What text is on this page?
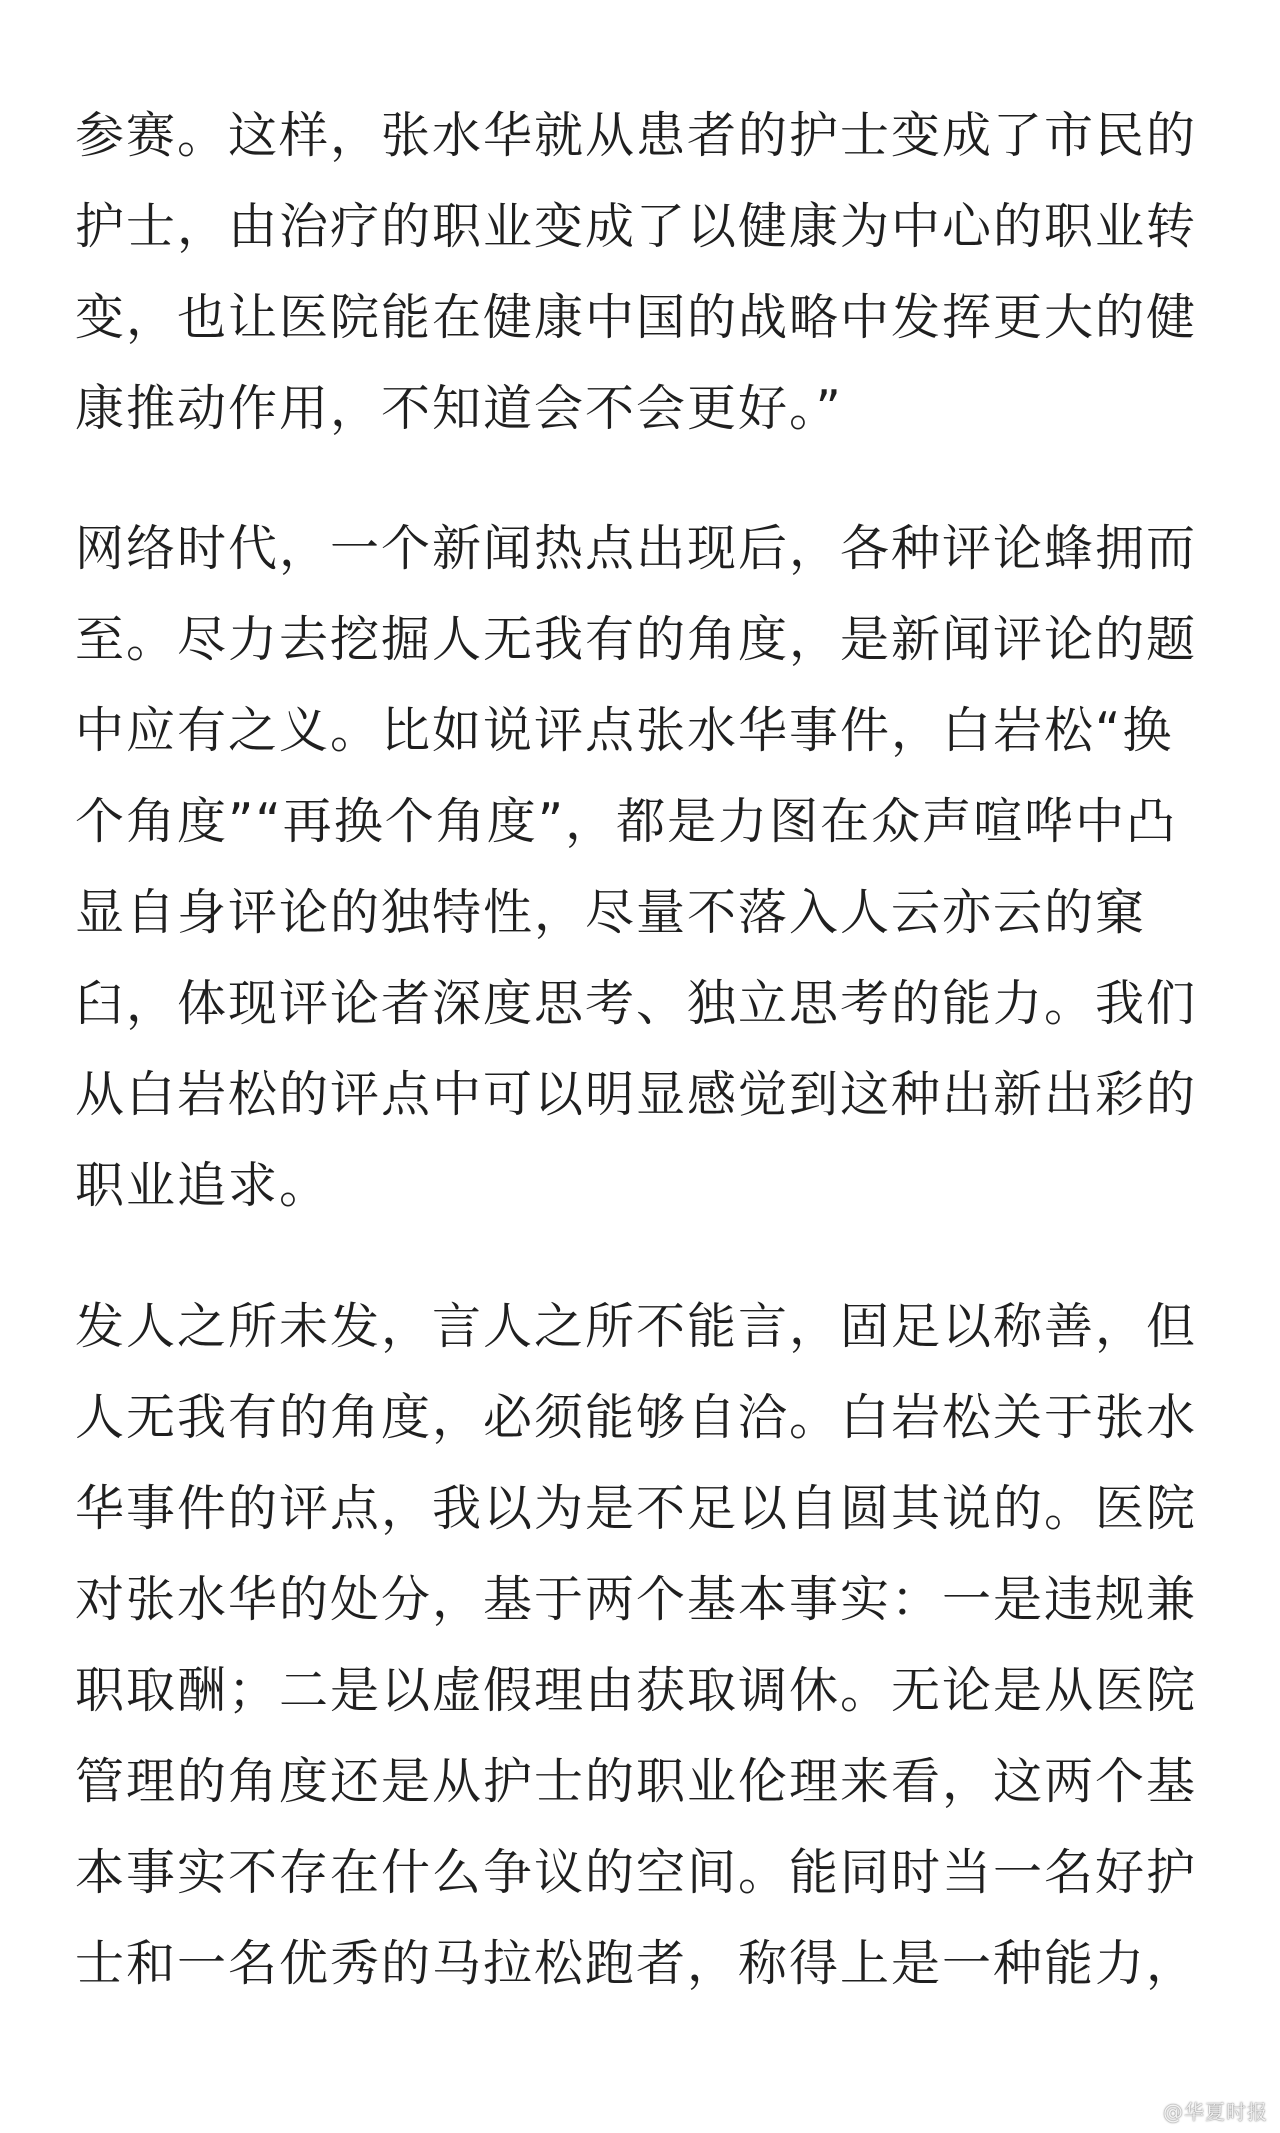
参赛。这样，张水华就从患者的护士变成了市民的
护士，由治疗的职业变成了以健康为中心的职业转
变，也让医院能在健康中国的战略中发挥更大的健
康推动作用，不知道会不会更好。”
网络时代，一个新闻热点出现后，各种评论蜂拥而
至。尽力去挖掘人无我有的角度，是新闻评论的题
中应有之义。比如说评点张水华事件，白岩松“换
个角度”“再换个角度”，都是力图在众声喧哗中凸
显自身评论的独特性，尽量不落入人云亦云的窠
臼，体现评论者深度思考、独立思考的能力。我们
从白岩松的评点中可以明显感觉到这种出新出彩的
职业追求。
发人之所未发，言人之所不能言，固足以称善，但
人无我有的角度，必须能够自洽。白岩松关于张水
华事件的评点，我以为是不足以自圆其说的。医院
对张水华的处分，基于两个基本事实：一是违规兼
职取酬；二是以虚假理由获取调休。无论是从医院
管理的角度还是从护士的职业伦理来看，这两个基
本事实不存在什么争议的空间。能同时当一名好护
士和一名优秀的马拉松跑者，称得上是一种能力，
@华夏时报
